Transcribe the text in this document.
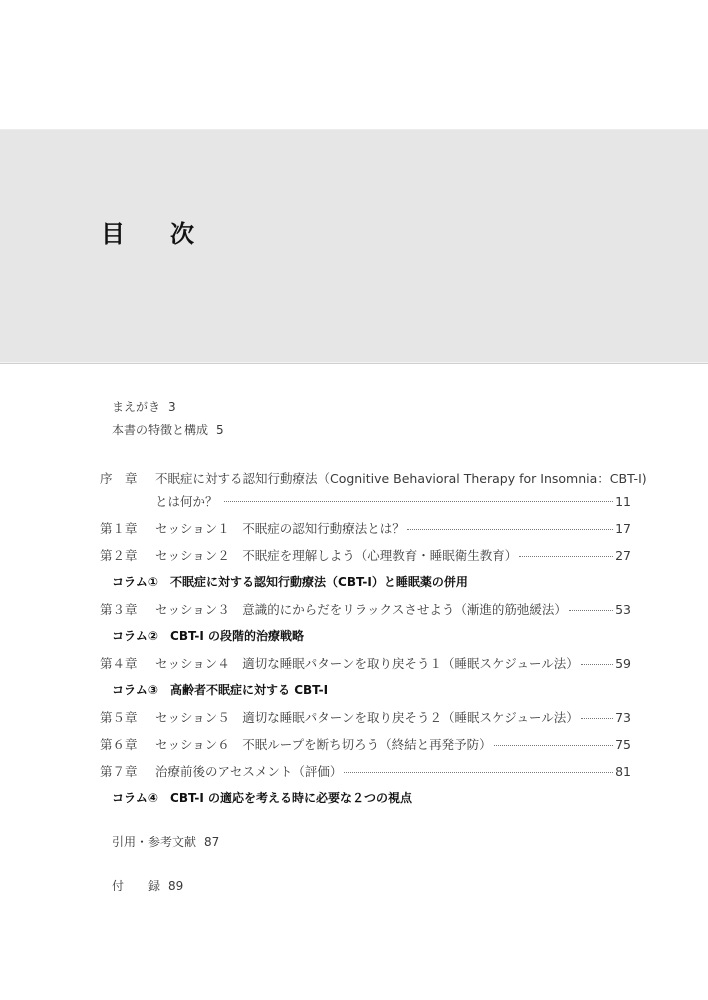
目 次
まえがき 3
本書の特徴と構成 5
序　章	不眠症に対する認知行動療法（Cognitive Behavioral Therapy for Insomnia：CBT-I)
とは何か？	11
第１章	セッション１　不眠症の認知行動療法とは？	17
第２章	セッション２　不眠症を理解しよう（心理教育・睡眠衛生教育）	27
コラム① 不眠症に対する認知行動療法（CBT-I）と睡眠薬の併用
第３章	セッション３　意識的にからだをリラックスさせよう（漸進的筋弛緩法）	53
コラム② CBT-I の段階的治療戦略
第４章	セッション４　適切な睡眠パターンを取り戻そう１（睡眠スケジュール法）	59
コラム③ 高齢者不眠症に対する CBT-I
第５章	セッション５　適切な睡眠パターンを取り戻そう２（睡眠スケジュール法）	73
第６章	セッション６　不眠ループを断ち切ろう（終結と再発予防）	75
第７章	治療前後のアセスメント（評価）	81
コラム④ CBT-I の適応を考える時に必要な２つの視点
引用・参考文献 87
付　　録 89
